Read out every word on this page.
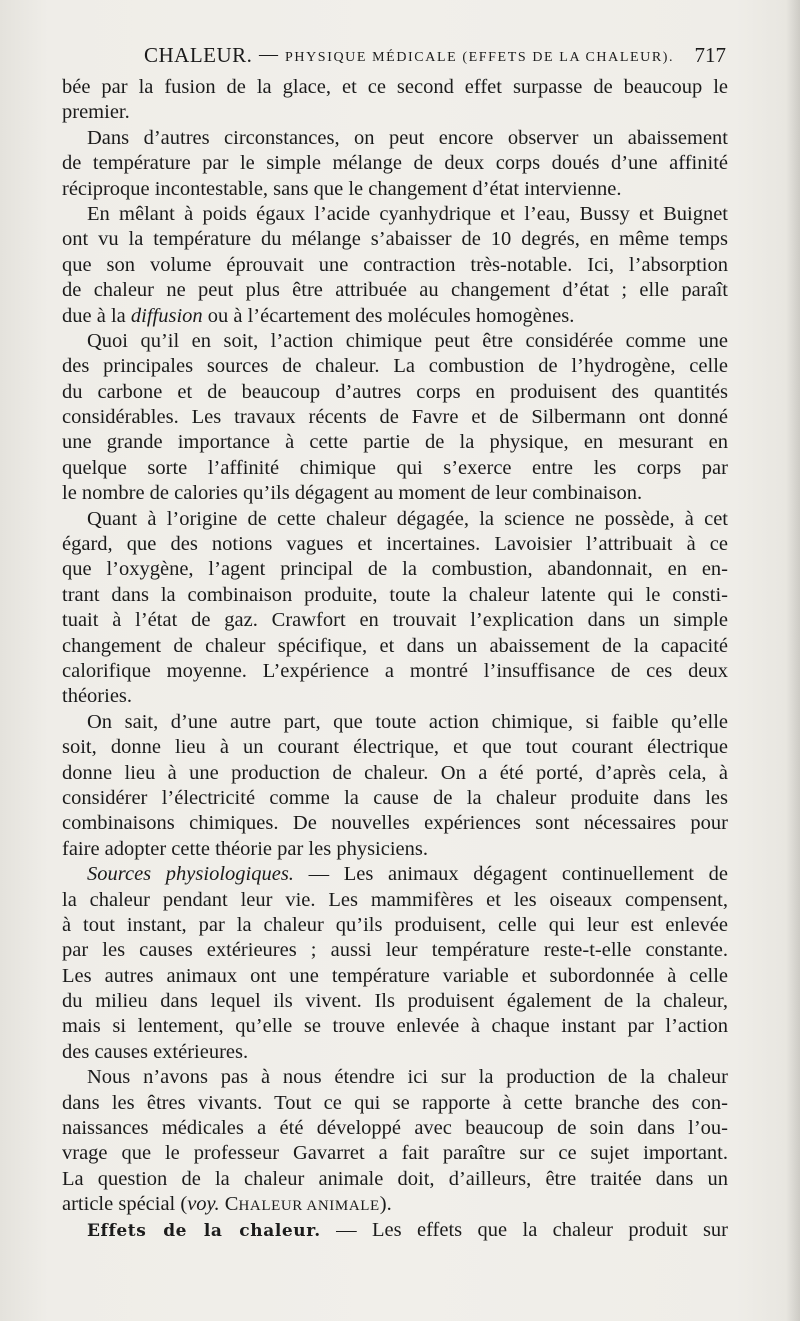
CHALEUR. — PHYSIQUE MÉDICALE (EFFETS DE LA CHALEUR). 717
bée par la fusion de la glace, et ce second effet surpasse de beaucoup le
premier.
Dans d’autres circonstances, on peut encore observer un abaissement
de température par le simple mélange de deux corps doués d’une affinité
réciproque incontestable, sans que le changement d’état intervienne.
En mêlant à poids égaux l’acide cyanhydrique et l’eau, Bussy et Buignet
ont vu la température du mélange s’abaisser de 10 degrés, en même temps
que son volume éprouvait une contraction très-notable. Ici, l’absorption
de chaleur ne peut plus être attribuée au changement d’état ; elle paraît
due à la diffusion ou à l’écartement des molécules homogènes.
Quoi qu’il en soit, l’action chimique peut être considérée comme une
des principales sources de chaleur. La combustion de l’hydrogène, celle
du carbone et de beaucoup d’autres corps en produisent des quantités
considérables. Les travaux récents de Favre et de Silbermann ont donné
une grande importance à cette partie de la physique, en mesurant en
quelque sorte l’affinité chimique qui s’exerce entre les corps par
le nombre de calories qu’ils dégagent au moment de leur combinaison.
Quant à l’origine de cette chaleur dégagée, la science ne possède, à cet
égard, que des notions vagues et incertaines. Lavoisier l’attribuait à ce
que l’oxygène, l’agent principal de la combustion, abandonnait, en en-
trant dans la combinaison produite, toute la chaleur latente qui le consti-
tuait à l’état de gaz. Crawfort en trouvait l’explication dans un simple
changement de chaleur spécifique, et dans un abaissement de la capacité
calorifique moyenne. L’expérience a montré l’insuffisance de ces deux
théories.
On sait, d’une autre part, que toute action chimique, si faible qu’elle
soit, donne lieu à un courant électrique, et que tout courant électrique
donne lieu à une production de chaleur. On a été porté, d’après cela, à
considérer l’électricité comme la cause de la chaleur produite dans les
combinaisons chimiques. De nouvelles expériences sont nécessaires pour
faire adopter cette théorie par les physiciens.
Sources physiologiques. — Les animaux dégagent continuellement de
la chaleur pendant leur vie. Les mammifères et les oiseaux compensent,
à tout instant, par la chaleur qu’ils produisent, celle qui leur est enlevée
par les causes extérieures ; aussi leur température reste-t-elle constante.
Les autres animaux ont une température variable et subordonnée à celle
du milieu dans lequel ils vivent. Ils produisent également de la chaleur,
mais si lentement, qu’elle se trouve enlevée à chaque instant par l’action
des causes extérieures.
Nous n’avons pas à nous étendre ici sur la production de la chaleur
dans les êtres vivants. Tout ce qui se rapporte à cette branche des con-
naissances médicales a été développé avec beaucoup de soin dans l’ou-
vrage que le professeur Gavarret a fait paraître sur ce sujet important.
La question de la chaleur animale doit, d’ailleurs, être traitée dans un
article spécial (voy. CHALEUR ANIMALE).
Effets de la chaleur. — Les effets que la chaleur produit sur
